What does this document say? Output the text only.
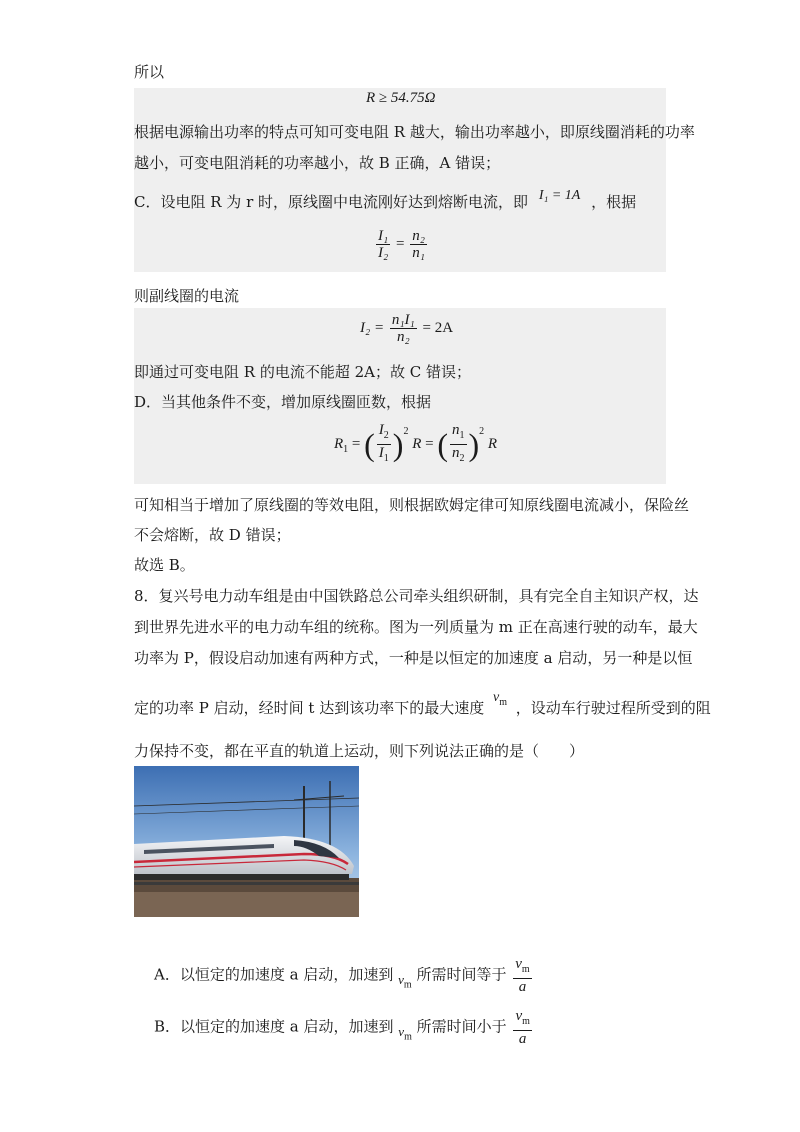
所以
R ≥ 54.75Ω
根据电源输出功率的特点可知可变电阻 R 越大，输出功率越小，即原线圈消耗的功率
越小，可变电阻消耗的功率越小，故 B 正确，A 错误；
C．设电阻 R 为 r 时，原线圈中电流刚好达到熔断电流，即 I₁ = 1A ，根据
$\frac{\text{I₁}}{\text{I₂}} = \frac{\text{n₂}}{\text{n₁}}$
则副线圈的电流
$I_2 = \frac{\text{n₁I₁}}{\text{n₂}} = 2A$
即通过可变电阻 R 的电流不能超 2A；故 C 错误；
D．当其他条件不变，增加原线圈匝数，根据
$R_1$ = ( $\frac{I_2}{I_1} )^2$ R = ( $\frac{n_1}{n_2} )^2$ R
可知相当于增加了原线圈的等效电阻，则根据欧姆定律可知原线圈电流减小，保险丝
不会熔断，故 D 错误；
故选 B。
8．复兴号电力动车组是由中国铁路总公司牵头组织研制，具有完全自主知识产权，达
到世界先进水平的电力动车组的统称。图为一列质量为 m 正在高速行驶的动车，最大
功率为 P，假设启动加速有两种方式，一种是以恒定的加速度 a 启动，另一种是以恒
定的功率 P 启动，经时间 t 达到该功率下的最大速度 $v_m$ ，设动车行驶过程所受到的阻
力保持不变，都在平直的轨道上运动，则下列说法正确的是（　　）
A．以恒定的加速度 a 启动，加速到 $v_m$ 所需时间等于 $\frac{v_m}{a}$
B．以恒定的加速度 a 启动，加速到 $v_m$ 所需时间小于 $\frac{v_m}{a}$
